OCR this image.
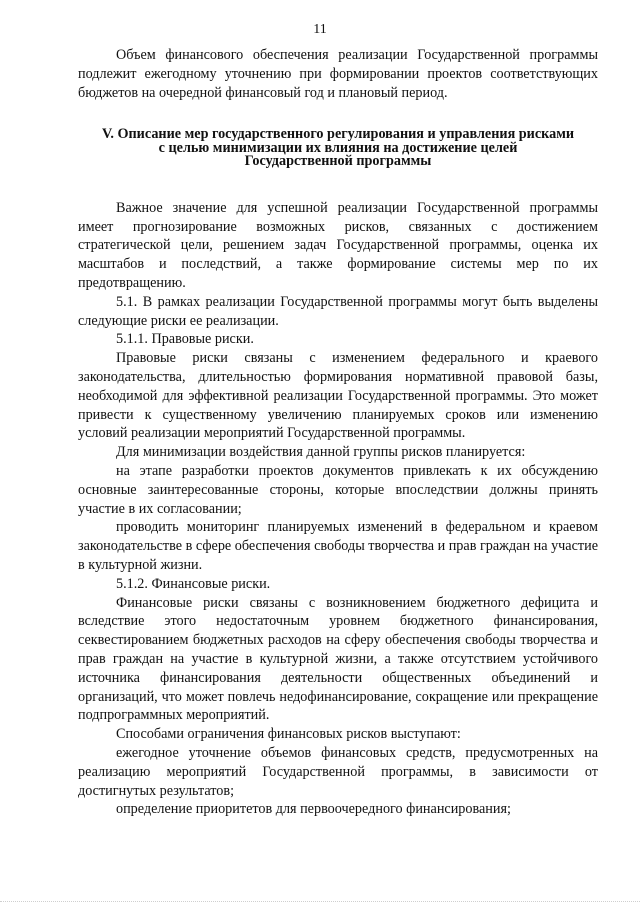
11

Объем финансового обеспечения реализации Государственной программы подлежит ежегодному уточнению при формировании проектов соответствующих бюджетов на очередной финансовый год и плановый период.

V. Описание мер государственного регулирования и управления рисками
с целью минимизации их влияния на достижение целей
Государственной программы

Важное значение для успешной реализации Государственной программы имеет прогнозирование возможных рисков, связанных с достижением стратегической цели, решением задач Государственной программы, оценка их масштабов и последствий, а также формирование системы мер по их предотвращению.

5.1. В рамках реализации Государственной программы могут быть выделены следующие риски ее реализации.

5.1.1. Правовые риски.

Правовые риски связаны с изменением федерального и краевого законодательства, длительностью формирования нормативной правовой базы, необходимой для эффективной реализации Государственной программы. Это может привести к существенному увеличению планируемых сроков или изменению условий реализации мероприятий Государственной программы.

Для минимизации воздействия данной группы рисков планируется:

на этапе разработки проектов документов привлекать к их обсуждению основные заинтересованные стороны, которые впоследствии должны принять участие в их согласовании;

проводить мониторинг планируемых изменений в федеральном и краевом законодательстве в сфере обеспечения свободы творчества и прав граждан на участие в культурной жизни.

5.1.2. Финансовые риски.

Финансовые риски связаны с возникновением бюджетного дефицита и вследствие этого недостаточным уровнем бюджетного финансирования, секвестированием бюджетных расходов на сферу обеспечения свободы творчества и прав граждан на участие в культурной жизни, а также отсутствием устойчивого источника финансирования деятельности общественных объединений и организаций, что может повлечь недофинансирование, сокращение или прекращение подпрограммных мероприятий.

Способами ограничения финансовых рисков выступают:

ежегодное уточнение объемов финансовых средств, предусмотренных на реализацию мероприятий Государственной программы, в зависимости от достигнутых результатов;

определение приоритетов для первоочередного финансирования;
